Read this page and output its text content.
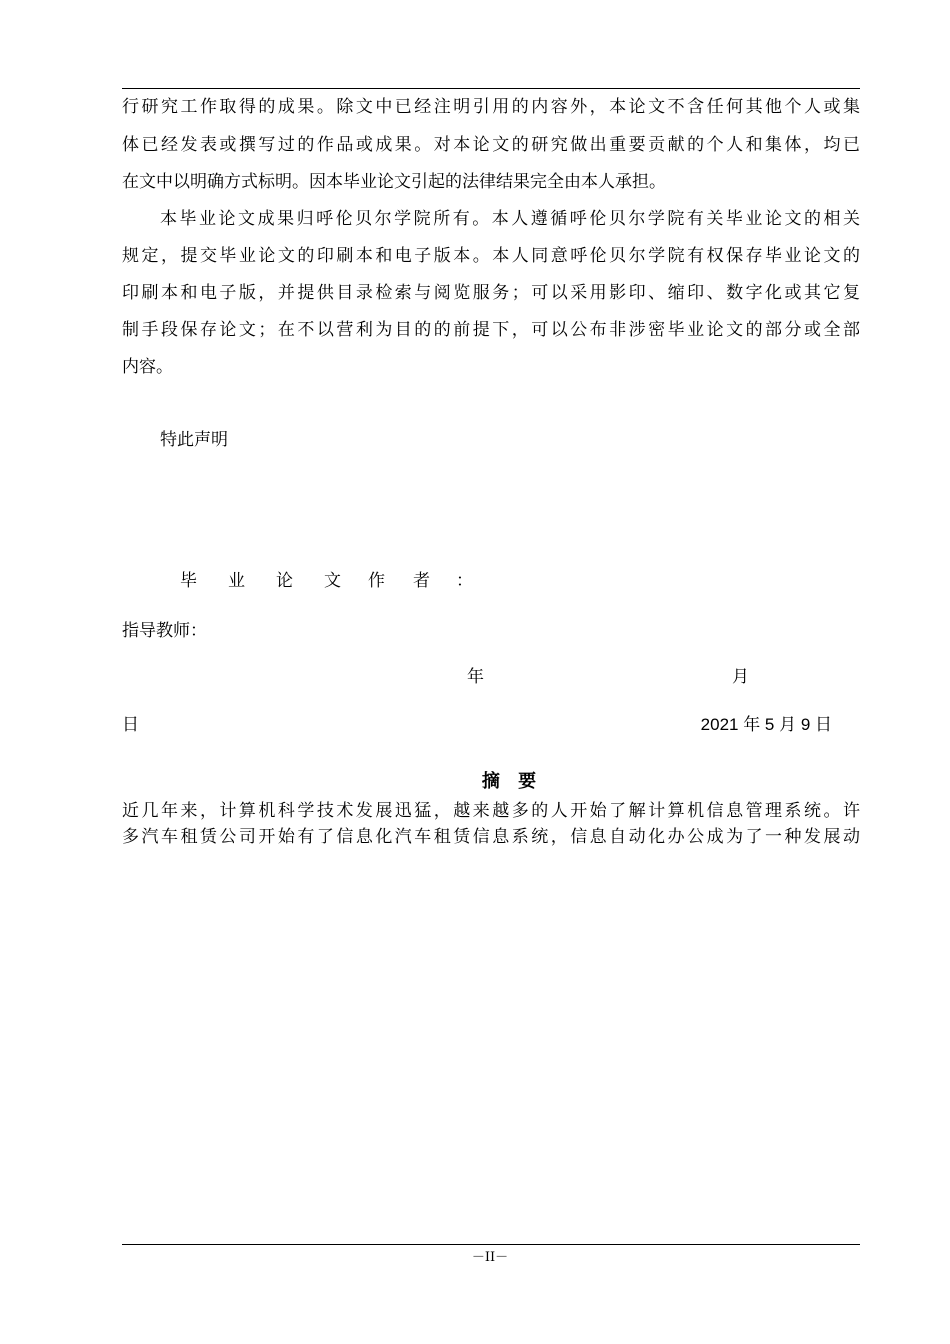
行研究工作取得的成果。除文中已经注明引用的内容外，本论文不含任何其他个人或集
体已经发表或撰写过的作品或成果。对本论文的研究做出重要贡献的个人和集体，均已
在文中以明确方式标明。因本毕业论文引起的法律结果完全由本人承担。
本毕业论文成果归呼伦贝尔学院所有。本人遵循呼伦贝尔学院有关毕业论文的相关
规定，提交毕业论文的印刷本和电子版本。本人同意呼伦贝尔学院有权保存毕业论文的
印刷本和电子版，并提供目录检索与阅览服务；可以采用影印、缩印、数字化或其它复
制手段保存论文；在不以营利为目的的前提下，可以公布非涉密毕业论文的部分或全部
内容。
特此声明
毕 业 论 文 作 者 ：
指导教师：
年	月
日	2021 年 5 月 9 日
摘 要
近几年来，计算机科学技术发展迅猛，越来越多的人开始了解计算机信息管理系统。许
多汽车租赁公司开始有了信息化汽车租赁信息系统，信息自动化办公成为了一种发展动
－II－
